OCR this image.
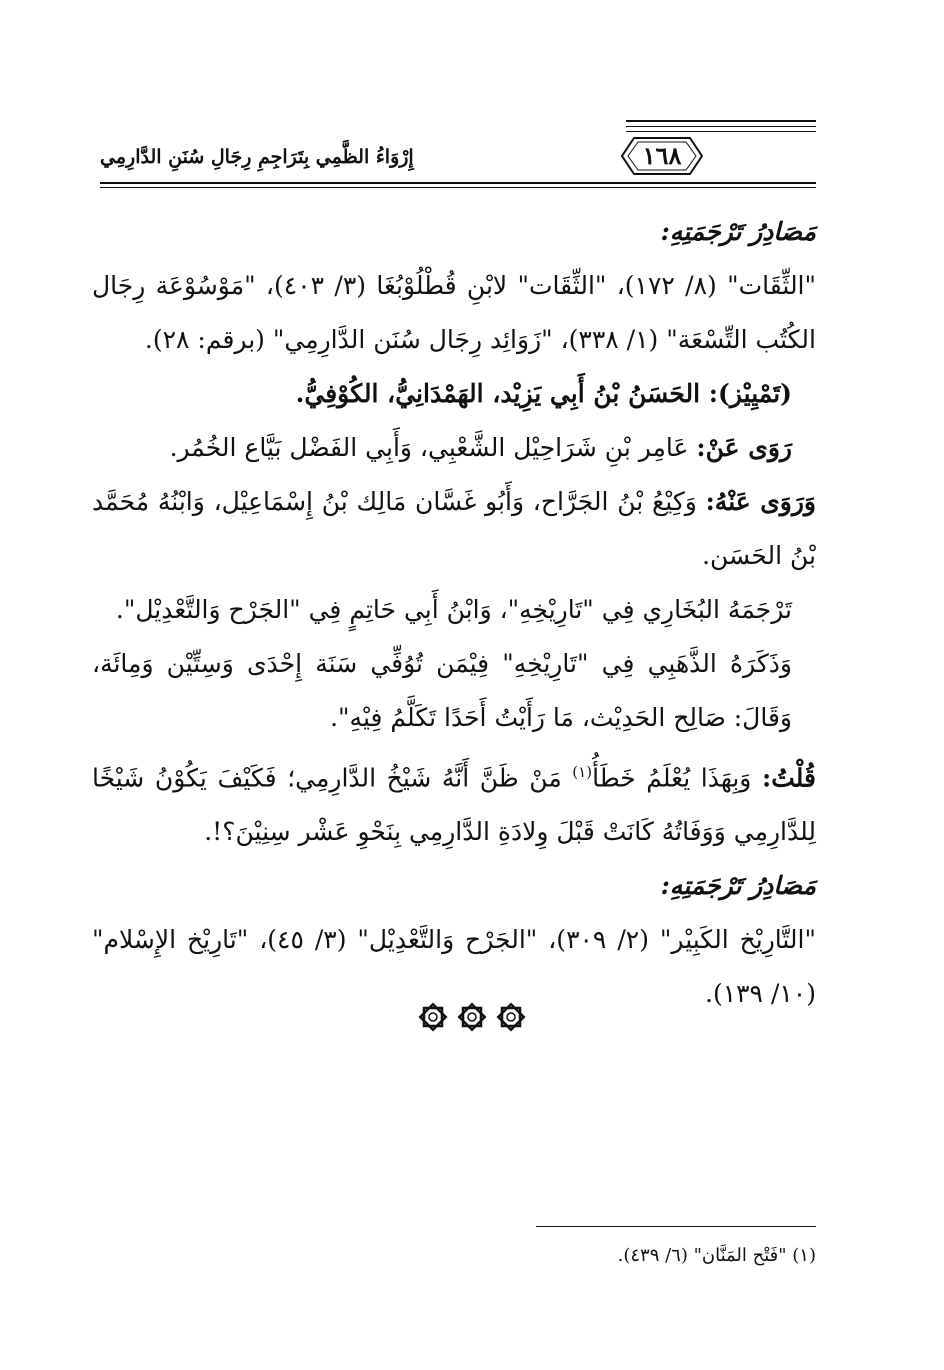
١٦٨
إِرْوَاءُ الظَّمِي بِتَرَاجِمِ رِجَالِ سُنَنِ الدَّارِمِي

مَصَادِرُ تَرْجَمَتِهِ:

"الثِّقَات" (٨/ ١٧٢)، "الثِّقَات" لابْنِ قُطْلُوْبُغَا (٣/ ٤٠٣)، "مَوْسُوْعَة رِجَال الكُتُب التِّسْعَة" (١/ ٣٣٨)، "زَوَائِد رِجَال سُنَن الدَّارِمِي" (برقم: ٢٨).

(تَمْيِيْز): الحَسَنُ بْنُ أَبِي يَزِيْد، الهَمْدَانِيُّ، الكُوْفِيُّ.

رَوَى عَنْ: عَامِر بْنِ شَرَاحِيْل الشَّعْبِي، وَأَبِي الفَضْل بَيَّاع الخُمُر.

وَرَوَى عَنْهُ: وَكِيْعُ بْنُ الجَرَّاح، وَأَبُو غَسَّان مَالِك بْنُ إِسْمَاعِيْل، وَابْنُهُ مُحَمَّد بْنُ الحَسَن.

تَرْجَمَهُ البُخَارِي فِي "تَارِيْخِهِ"، وَابْنُ أَبِي حَاتِمٍ فِي "الجَرْح وَالتَّعْدِيْل".

وَذَكَرَهُ الذَّهَبِي فِي "تَارِيْخِهِ" فِيْمَن تُوُفِّي سَنَة إِحْدَى وَسِتِّيْن وَمِائَة، وَقَالَ: صَالِح الحَدِيْث، مَا رَأَيْتُ أَحَدًا تَكَلَّمُ فِيْهِ".

قُلْتُ: وَبِهَذَا يُعْلَمُ خَطَأُ$^{(١)}$ مَنْ ظَنَّ أَنَّهُ شَيْخُ الدَّارِمِي؛ فَكَيْفَ يَكُوْنُ شَيْخًا لِلدَّارِمِي وَوَفَاتُهُ كَانَتْ قَبْلَ وِلادَةِ الدَّارِمِي بِنَحْوِ عَشْر سِنِيْنَ؟!.

مَصَادِرُ تَرْجَمَتِهِ:

"التَّارِيْخ الكَبِيْر" (٢/ ٣٠٩)، "الجَرْح وَالتَّعْدِيْل" (٣/ ٤٥)، "تَارِيْخ الإِسْلام" (١٠/ ١٣٩).

(١) "فَتْح المَنَّان" (٦/ ٤٣٩).
